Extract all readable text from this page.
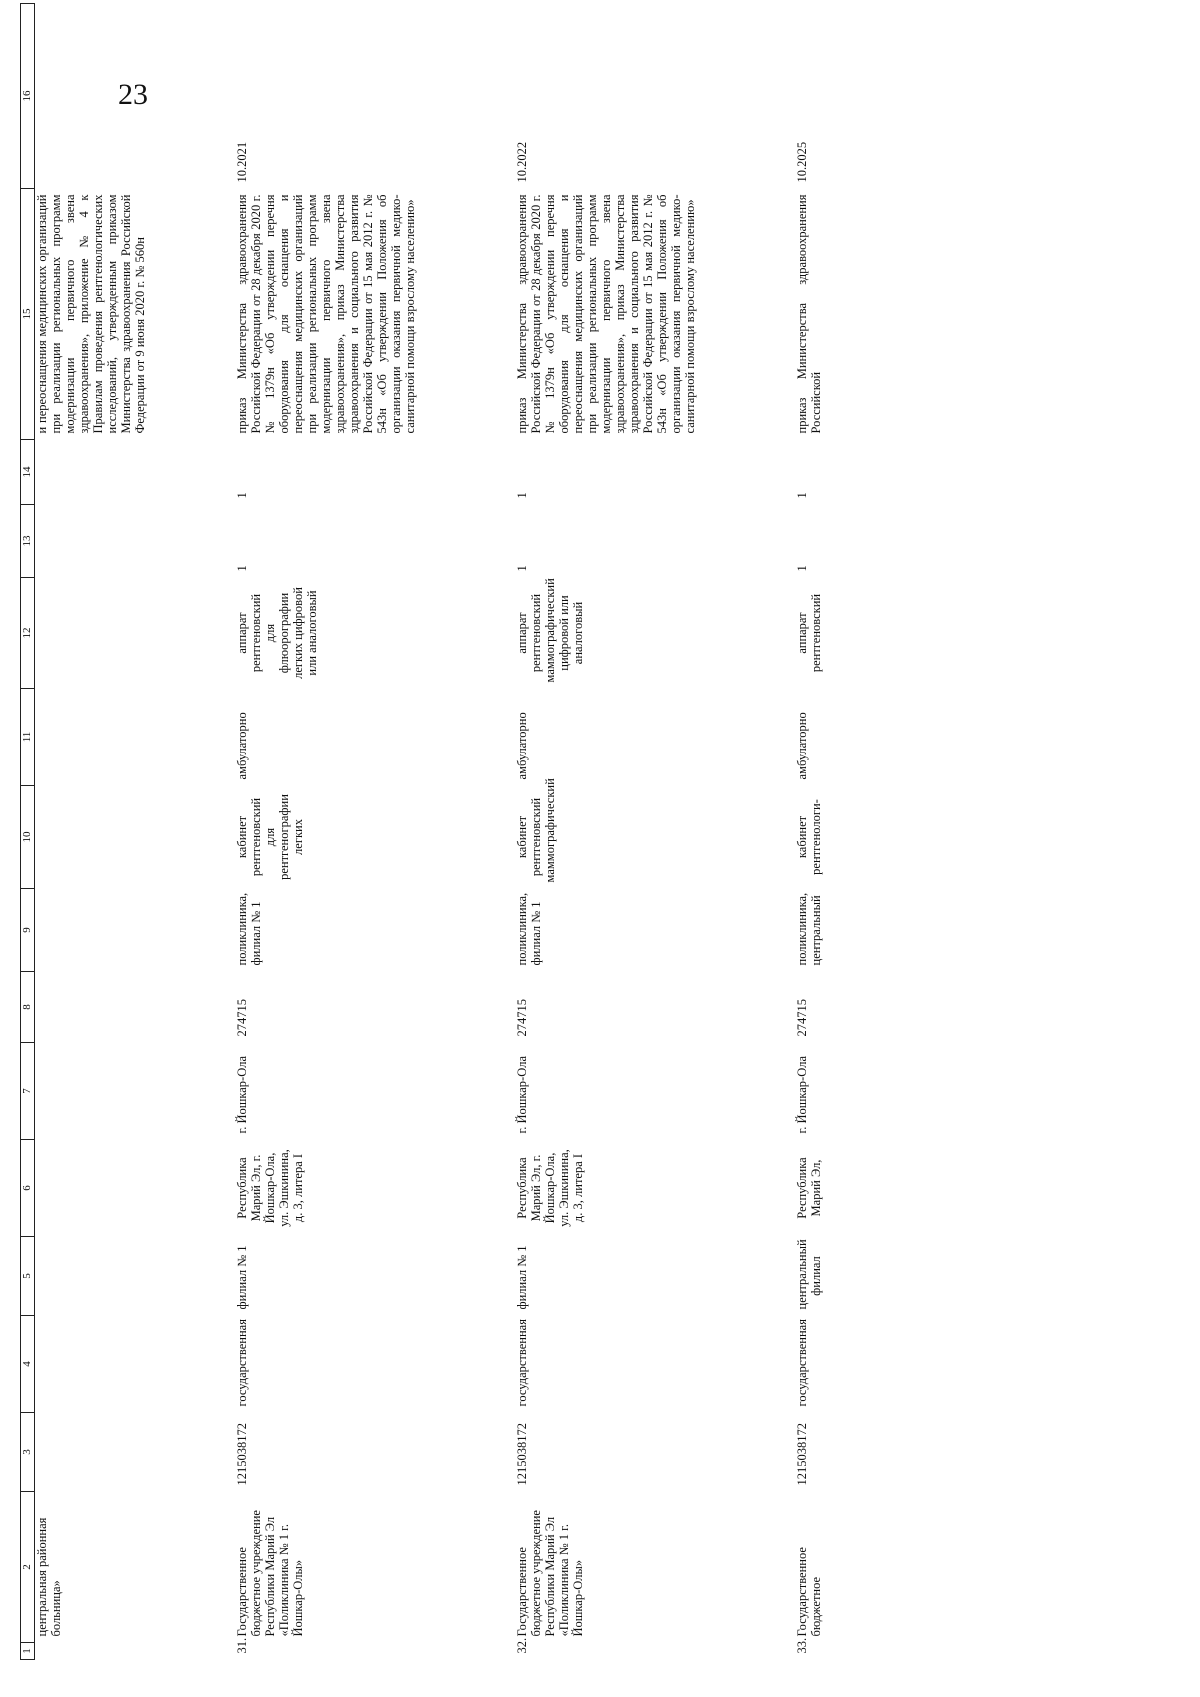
23
1	2	3	4	5	6	7	8	9	10	11	12	13	14	15	16
	центральная районная больница»													и переоснащения медицинских организаций при реализации региональных программ модернизации первичного звена здравоохранения», приложение № 4 к Правилам проведения рентгенологических исследований, утвержденным приказом Министерства здравоохранения Российской Федерации от 9 июня 2020 г. № 560н	
31.	Государственное бюджетное учреждение Республики Марий Эл «Поликлиника № 1 г. Йошкар-Олы»	1215038172	государственная	филиал № 1	Республика Марий Эл, г. Йошкар-Ола, ул. Эшкинина, д. 3, литера I	г. Йошкар-Ола	274715	поликлиника, филиал № 1	кабинет рентгеновский для рентгенографии легких	амбулаторно	аппарат рентгеновский для флюорографии легких цифровой или аналоговый	1	1	приказ Министерства здравоохранения Российской Федерации от 28 декабря 2020 г. № 1379н «Об утверждении перечня оборудования для оснащения и переоснащения медицинских организаций при реализации региональных программ модернизации первичного звена здравоохранения», приказ Министерства здравоохранения и социального развития Российской Федерации от 15 мая 2012 г. № 543н «Об утверждении Положения об организации оказания первичной медико-санитарной помощи взрослому населению»	10.2021
32.	Государственное бюджетное учреждение Республики Марий Эл «Поликлиника № 1 г. Йошкар-Олы»	1215038172	государственная	филиал № 1	Республика Марий Эл, г. Йошкар-Ола, ул. Эшкинина, д. 3, литера I	г. Йошкар-Ола	274715	поликлиника, филиал № 1	кабинет рентгеновский маммографический	амбулаторно	аппарат рентгеновский маммографический цифровой или аналоговый	1	1	приказ Министерства здравоохранения Российской Федерации от 28 декабря 2020 г. № 1379н «Об утверждении перечня оборудования для оснащения и переоснащения медицинских организаций при реализации региональных программ модернизации первичного звена здравоохранения», приказ Министерства здравоохранения и социального развития Российской Федерации от 15 мая 2012 г. № 543н «Об утверждении Положения об организации оказания первичной медико-санитарной помощи взрослому населению»	10.2022
33.	Государственное бюджетное	1215038172	государственная	центральный филиал	Республика Марий Эл,	г. Йошкар-Ола	274715	поликлиника, центральный	кабинет рентгенологи-	амбулаторно	аппарат рентгеновский	1	1	приказ Министерства здравоохранения Российской	10.2025
